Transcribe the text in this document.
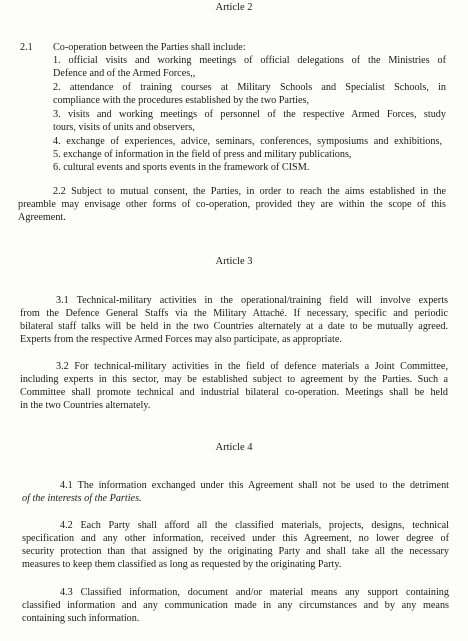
Article 2
2.1 Co-operation between the Parties shall include:
1. official visits and working meetings of official delegations of the Ministries of
Defence and of the Armed Forces,,
2. attendance of training courses at Military Schools and Specialist Schools, in
compliance with the procedures established by the two Parties,
3. visits and working meetings of personnel of the respective Armed Forces, study
tours, visits of units and observers,
4. exchange of experiences, advice, seminars, conferences, symposiums and exhibitions,
5. exchange of information in the field of press and military publications,
6. cultural events and sports events in the framework of CISM.
2.2 Subject to mutual consent, the Parties, in order to reach the aims established in the
preamble may envisage other forms of co-operation, provided they are within the scope of this
Agreement.
Article 3
3.1 Technical-military activities in the operational/training field will involve experts
from the Defence General Staffs via the Military Attaché. If necessary, specific and periodic
bilateral staff talks will be held in the two Countries alternately at a date to be mutually agreed.
Experts from the respective Armed Forces may also participate, as appropriate.
3.2 For technical-military activities in the field of defence materials a Joint Committee,
including experts in this sector, may be established subject to agreement by the Parties. Such a
Committee shall promote technical and industrial bilateral co-operation. Meetings shall be held
in the two Countries alternately.
Article 4
4.1 The information exchanged under this Agreement shall not be used to the detriment
of the interests of the Parties.
4.2 Each Party shall afford all the classified materials, projects, designs, technical
specification and any other information, received under this Agreement, no lower degree of
security protection than that assigned by the originating Party and shall take all the necessary
measures to keep them classified as long as requested by the originating Party.
4.3 Classified information, document and/or material means any support containing
classified information and any communication made in any circumstances and by any means
containing such information.
